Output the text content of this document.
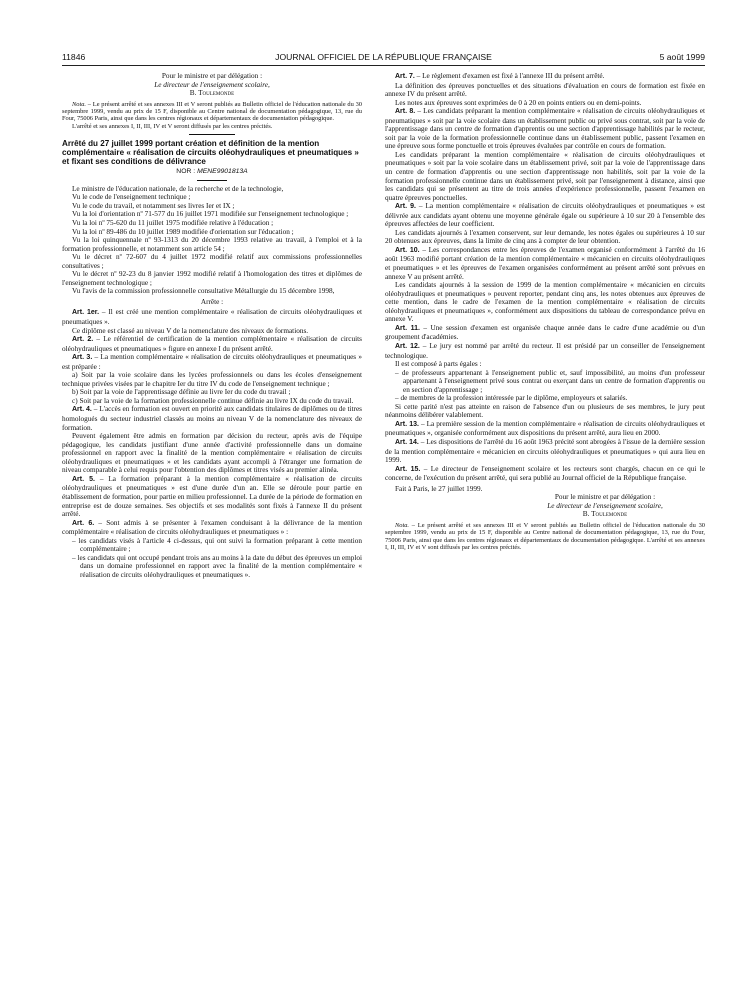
11846	JOURNAL OFFICIEL DE LA RÉPUBLIQUE FRANÇAISE	5 août 1999

Pour le ministre et par délégation :

Le directeur de l'enseignement scolaire,

B. Toulemonde

Nota. – Le présent arrêté et ses annexes III et V seront publiés au Bulletin officiel de l'éducation nationale du 30 septembre 1999, vendu au prix de 15 F, disponible au Centre national de documentation pédagogique, 13, rue du Four, 75006 Paris, ainsi que dans les centres régionaux et départementaux de documentation pédagogique.

L'arrêté et ses annexes I, II, III, IV et V seront diffusés par les centres précités.

Arrêté du 27 juillet 1999 portant création et définition de la mention complémentaire « réalisation de circuits oléohydrauliques et pneumatiques » et fixant ses conditions de délivrance

NOR : MENE9901813A

Le ministre de l'éducation nationale, de la recherche et de la technologie,

Vu le code de l'enseignement technique ;

Vu le code du travail, et notamment ses livres Ier et IX ;

Vu la loi d'orientation nº 71-577 du 16 juillet 1971 modifiée sur l'enseignement technologique ;

Vu la loi nº 75-620 du 11 juillet 1975 modifiée relative à l'éducation ;

Vu la loi nº 89-486 du 10 juillet 1989 modifiée d'orientation sur l'éducation ;

Vu la loi quinquennale nº 93-1313 du 20 décembre 1993 relative au travail, à l'emploi et à la formation professionnelle, et notamment son article 54 ;

Vu le décret nº 72-607 du 4 juillet 1972 modifié relatif aux commissions professionnelles consultatives ;

Vu le décret nº 92-23 du 8 janvier 1992 modifié relatif à l'homologation des titres et diplômes de l'enseignement technologique ;

Vu l'avis de la commission professionnelle consultative Métallurgie du 15 décembre 1998,

Arrête :

Art. 1er. – Il est créé une mention complémentaire « réalisation de circuits oléohydrauliques et pneumatiques ».

Ce diplôme est classé au niveau V de la nomenclature des niveaux de formations.

Art. 2. – Le référentiel de certification de la mention complémentaire « réalisation de circuits oléohydrauliques et pneumatiques » figure en annexe I du présent arrêté.

Art. 3. – La mention complémentaire « réalisation de circuits oléohydrauliques et pneumatiques » est préparée :

a) Soit par la voie scolaire dans les lycées professionnels ou dans les écoles d'enseignement technique privées visées par le chapitre Ier du titre IV du code de l'enseignement technique ;

b) Soit par la voie de l'apprentissage définie au livre Ier du code du travail ;

c) Soit par la voie de la formation professionnelle continue définie au livre IX du code du travail.

Art. 4. – L'accès en formation est ouvert en priorité aux candidats titulaires de diplômes ou de titres homologués du secteur industriel classés au moins au niveau V de la nomenclature des niveaux de formation.

Peuvent également être admis en formation par décision du recteur, après avis de l'équipe pédagogique, les candidats justifiant d'une année d'activité professionnelle dans un domaine professionnel en rapport avec la finalité de la mention complémentaire « réalisation de circuits oléohydrauliques et pneumatiques » et les candidats ayant accompli à l'étranger une formation de niveau comparable à celui requis pour l'obtention des diplômes et titres visés au premier alinéa.

Art. 5. – La formation préparant à la mention complémentaire « réalisation de circuits oléohydrauliques et pneumatiques » est d'une durée d'un an. Elle se déroule pour partie en établissement de formation, pour partie en milieu professionnel. La durée de la période de formation en entreprise est de douze semaines. Ses objectifs et ses modalités sont fixés à l'annexe II du présent arrêté.

Art. 6. – Sont admis à se présenter à l'examen conduisant à la délivrance de la mention complémentaire « réalisation de circuits oléohydrauliques et pneumatiques » :

– les candidats visés à l'article 4 ci-dessus, qui ont suivi la formation préparant à cette mention complémentaire ;
– les candidats qui ont occupé pendant trois ans au moins à la date du début des épreuves un emploi dans un domaine professionnel en rapport avec la finalité de la mention complémentaire « réalisation de circuits oléohydrauliques et pneumatiques ».

Art. 7. – Le règlement d'examen est fixé à l'annexe III du présent arrêté.

La définition des épreuves ponctuelles et des situations d'évaluation en cours de formation est fixée en annexe IV du présent arrêté.

Les notes aux épreuves sont exprimées de 0 à 20 en points entiers ou en demi-points.

Art. 8. – Les candidats préparant la mention complémentaire « réalisation de circuits oléohydrauliques et pneumatiques » soit par la voie scolaire dans un établissement public ou privé sous contrat, soit par la voie de l'apprentissage dans un centre de formation d'apprentis ou une section d'apprentissage habilités par le recteur, soit par la voie de la formation professionnelle continue dans un établissement public, passent l'examen en une épreuve sous forme ponctuelle et trois épreuves évaluées par contrôle en cours de formation.

Les candidats préparant la mention complémentaire « réalisation de circuits oléohydrauliques et pneumatiques » soit par la voie scolaire dans un établissement privé, soit par la voie de l'apprentissage dans un centre de formation d'apprentis ou une section d'apprentissage non habilités, soit par la voie de la formation professionnelle continue dans un établissement privé, soit par l'enseignement à distance, ainsi que les candidats qui se présentent au titre de trois années d'expérience professionnelle, passent l'examen en quatre épreuves ponctuelles.

Art. 9. – La mention complémentaire « réalisation de circuits oléohydrauliques et pneumatiques » est délivrée aux candidats ayant obtenu une moyenne générale égale ou supérieure à 10 sur 20 à l'ensemble des épreuves affectées de leur coefficient.

Les candidats ajournés à l'examen conservent, sur leur demande, les notes égales ou supérieures à 10 sur 20 obtenues aux épreuves, dans la limite de cinq ans à compter de leur obtention.

Art. 10. – Les correspondances entre les épreuves de l'examen organisé conformément à l'arrêté du 16 août 1963 modifié portant création de la mention complémentaire « mécanicien en circuits oléohydrauliques et pneumatiques » et les épreuves de l'examen organisées conformément au présent arrêté sont prévues en annexe V au présent arrêté.

Les candidats ajournés à la session de 1999 de la mention complémentaire « mécanicien en circuits oléohydrauliques et pneumatiques » peuvent reporter, pendant cinq ans, les notes obtenues aux épreuves de cette mention, dans le cadre de l'examen de la mention complémentaire « réalisation de circuits oléohydrauliques et pneumatiques », conformément aux dispositions du tableau de correspondance prévu en annexe V.

Art. 11. – Une session d'examen est organisée chaque année dans le cadre d'une académie ou d'un groupement d'académies.

Art. 12. – Le jury est nommé par arrêté du recteur. Il est présidé par un conseiller de l'enseignement technologique.

Il est composé à parts égales :

– de professeurs appartenant à l'enseignement public et, sauf impossibilité, au moins d'un professeur appartenant à l'enseignement privé sous contrat ou exerçant dans un centre de formation d'apprentis ou en section d'apprentissage ;
– de membres de la profession intéressée par le diplôme, employeurs et salariés.

Si cette parité n'est pas atteinte en raison de l'absence d'un ou plusieurs de ses membres, le jury peut néanmoins délibérer valablement.

Art. 13. – La première session de la mention complémentaire « réalisation de circuits oléohydrauliques et pneumatiques », organisée conformément aux dispositions du présent arrêté, aura lieu en 2000.

Art. 14. – Les dispositions de l'arrêté du 16 août 1963 précité sont abrogées à l'issue de la dernière session de la mention complémentaire « mécanicien en circuits oléohydrauliques et pneumatiques » qui aura lieu en 1999.

Art. 15. – Le directeur de l'enseignement scolaire et les recteurs sont chargés, chacun en ce qui le concerne, de l'exécution du présent arrêté, qui sera publié au Journal officiel de la République française.

Fait à Paris, le 27 juillet 1999.

Pour le ministre et par délégation :

Le directeur de l'enseignement scolaire,

B. Toulemonde

Nota. – Le présent arrêté et ses annexes III et V seront publiés au Bulletin officiel de l'éducation nationale du 30 septembre 1999, vendu au prix de 15 F, disponible au Centre national de documentation pédagogique, 13, rue du Four, 75006 Paris, ainsi que dans les centres régionaux et départementaux de documentation pédagogique. L'arrêté et ses annexes I, II, III, IV et V sont diffusés par les centres précités.
